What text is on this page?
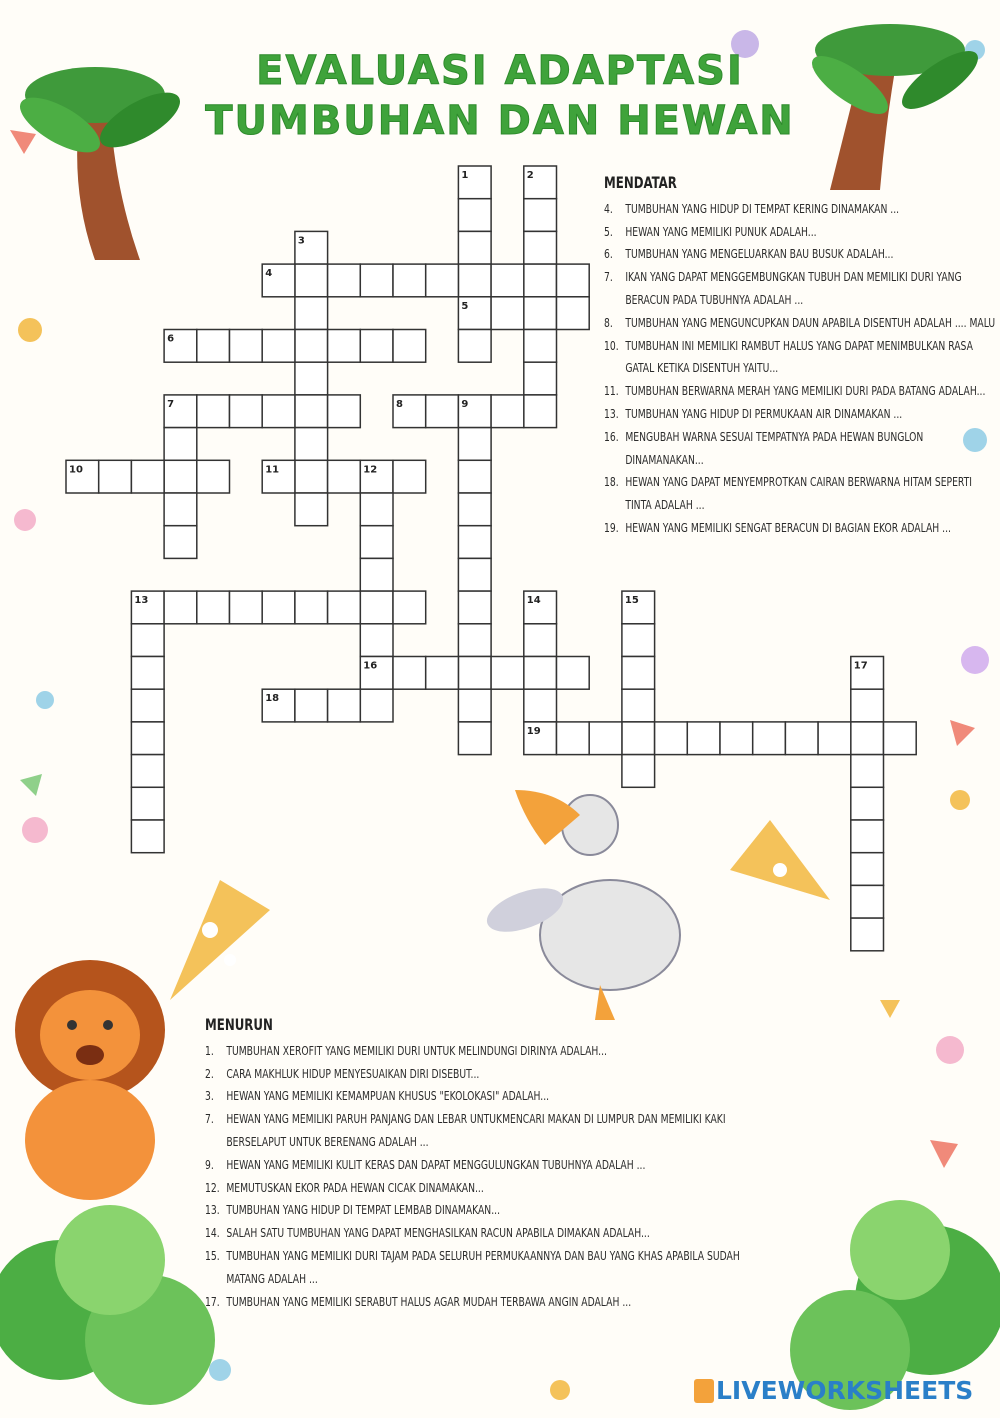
EVALUASI ADAPTASI
TUMBUHAN DAN HEWAN
1	2
3
4
5
6
7	8	9
10	11	12
13	14	15
16	17
18
19
MENDATAR
4.	TUMBUHAN YANG HIDUP DI TEMPAT KERING DINAMAKAN ...
5.	HEWAN YANG MEMILIKI PUNUK ADALAH...
6.	TUMBUHAN YANG MENGELUARKAN BAU BUSUK ADALAH...
7.	IKAN YANG DAPAT MENGGEMBUNGKAN TUBUH DAN MEMILIKI DURI YANG BERACUN PADA TUBUHNYA ADALAH ...
8.	TUMBUHAN YANG MENGUNCUPKAN DAUN APABILA DISENTUH ADALAH .... MALU
10. TUMBUHAN INI MEMILIKI RAMBUT HALUS YANG DAPAT MENIMBULKAN RASA GATAL KETIKA DISENTUH YAITU...
11. TUMBUHAN BERWARNA MERAH YANG MEMILIKI DURI PADA BATANG ADALAH...
13. TUMBUHAN YANG HIDUP DI PERMUKAAN AIR DINAMAKAN ...
16. MENGUBAH WARNA SESUAI TEMPATNYA PADA HEWAN BUNGLON DINAMANAKAN...
18. HEWAN YANG DAPAT MENYEMPROTKAN CAIRAN BERWARNA HITAM SEPERTI TINTA ADALAH ...
19. HEWAN YANG MEMILIKI SENGAT BERACUN DI BAGIAN EKOR ADALAH ...
MENURUN
1.	TUMBUHAN XEROFIT YANG MEMILIKI DURI UNTUK MELINDUNGI DIRINYA ADALAH...
2.	CARA MAKHLUK HIDUP MENYESUAIKAN DIRI DISEBUT...
3.	HEWAN YANG MEMILIKI KEMAMPUAN KHUSUS "EKOLOKASI" ADALAH...
7.	HEWAN YANG MEMILIKI PARUH PANJANG DAN LEBAR UNTUKMENCARI MAKAN DI LUMPUR DAN MEMILIKI KAKI BERSELAPUT UNTUK BERENANG ADALAH ...
9.	HEWAN YANG MEMILIKI KULIT KERAS DAN DAPAT MENGGULUNGKAN TUBUHNYA ADALAH ...
12. MEMUTUSKAN EKOR PADA HEWAN CICAK DINAMAKAN...
13. TUMBUHAN YANG HIDUP DI TEMPAT LEMBAB DINAMAKAN...
14. SALAH SATU TUMBUHAN YANG DAPAT MENGHASILKAN RACUN APABILA DIMAKAN ADALAH...
15. TUMBUHAN YANG MEMILIKI DURI TAJAM PADA SELURUH PERMUKAANNYA DAN BAU YANG KHAS APABILA SUDAH MATANG ADALAH ...
17. TUMBUHAN YANG MEMILIKI SERABUT HALUS AGAR MUDAH TERBAWA ANGIN ADALAH ...
LIVEWORKSHEETS
